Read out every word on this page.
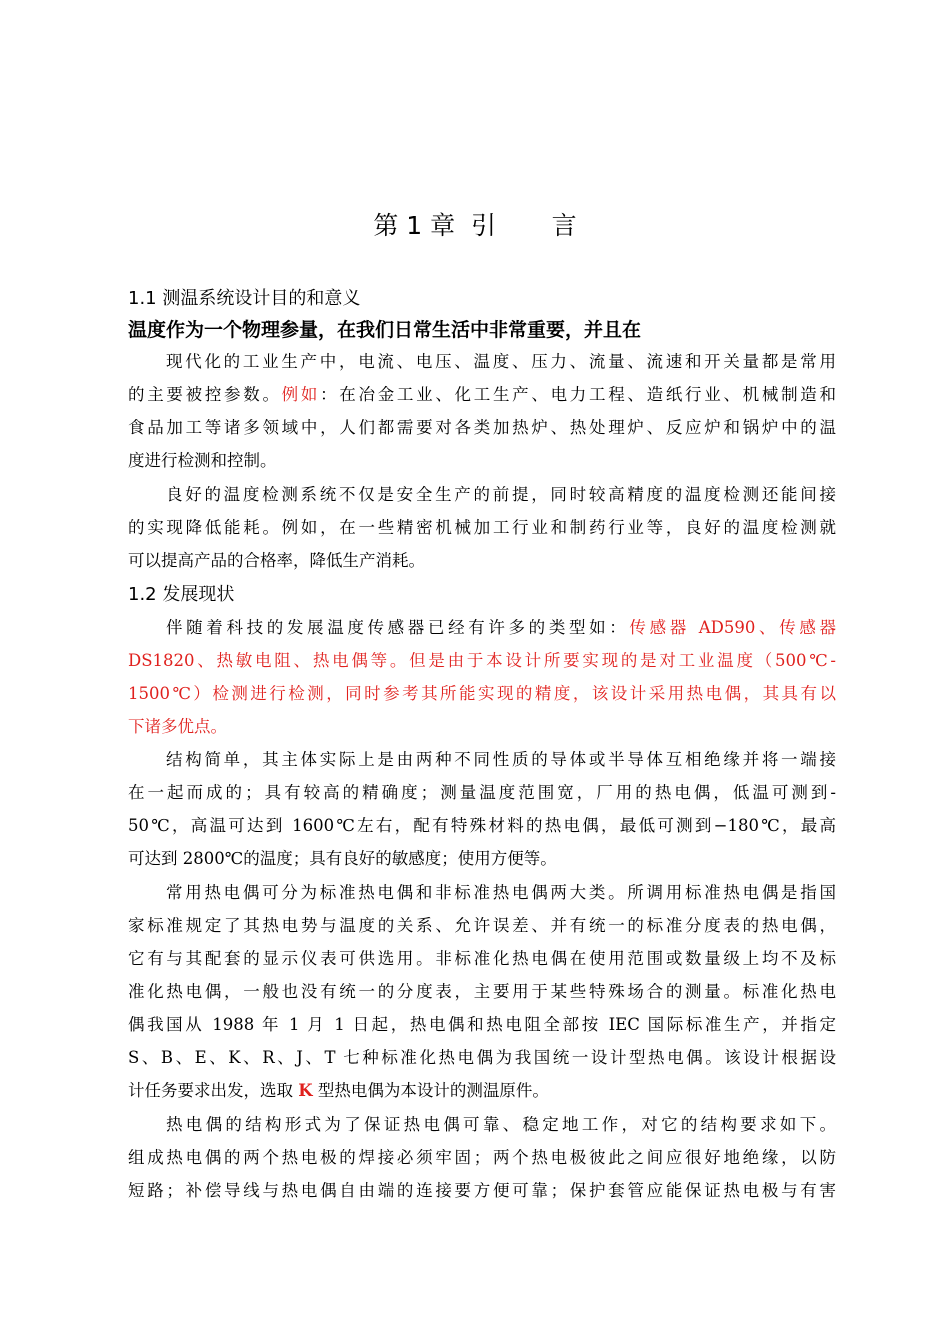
第 1 章  引       言
1.1 测温系统设计目的和意义
温度作为一个物理参量，在我们日常生活中非常重要，并且在
现代化的工业生产中，电流、电压、温度、压力、流量、流速和开关量都是常用
的主要被控参数。例如：在冶金工业、化工生产、电力工程、造纸行业、机械制造和
食品加工等诸多领域中，人们都需要对各类加热炉、热处理炉、反应炉和锅炉中的温
度进行检测和控制。
良好的温度检测系统不仅是安全生产的前提，同时较高精度的温度检测还能间接
的实现降低能耗。例如，在一些精密机械加工行业和制药行业等，良好的温度检测就
可以提高产品的合格率，降低生产消耗。
1.2 发展现状
伴随着科技的发展温度传感器已经有许多的类型如：传感器 AD590、传感器
DS1820、热敏电阻、热电偶等。但是由于本设计所要实现的是对工业温度（500℃-
1500℃）检测进行检测，同时参考其所能实现的精度，该设计采用热电偶，其具有以
下诸多优点。
结构简单，其主体实际上是由两种不同性质的导体或半导体互相绝缘并将一端接
在一起而成的；具有较高的精确度；测量温度范围宽，厂用的热电偶，低温可测到-
50℃，高温可达到 1600℃左右，配有特殊材料的热电偶，最低可测到−180℃，最高
可达到 2800℃的温度；具有良好的敏感度；使用方便等。
常用热电偶可分为标准热电偶和非标准热电偶两大类。所调用标准热电偶是指国
家标准规定了其热电势与温度的关系、允许误差、并有统一的标准分度表的热电偶，
它有与其配套的显示仪表可供选用。非标准化热电偶在使用范围或数量级上均不及标
准化热电偶，一般也没有统一的分度表，主要用于某些特殊场合的测量。标准化热电
偶我国从 1988 年 1 月 1 日起，热电偶和热电阻全部按 IEC 国际标准生产，并指定
S、B、E、K、R、J、T 七种标准化热电偶为我国统一设计型热电偶。该设计根据设
计任务要求出发，选取 K 型热电偶为本设计的测温原件。
热电偶的结构形式为了保证热电偶可靠、稳定地工作，对它的结构要求如下。
组成热电偶的两个热电极的焊接必须牢固；两个热电极彼此之间应很好地绝缘，以防
短路；补偿导线与热电偶自由端的连接要方便可靠；保护套管应能保证热电极与有害
